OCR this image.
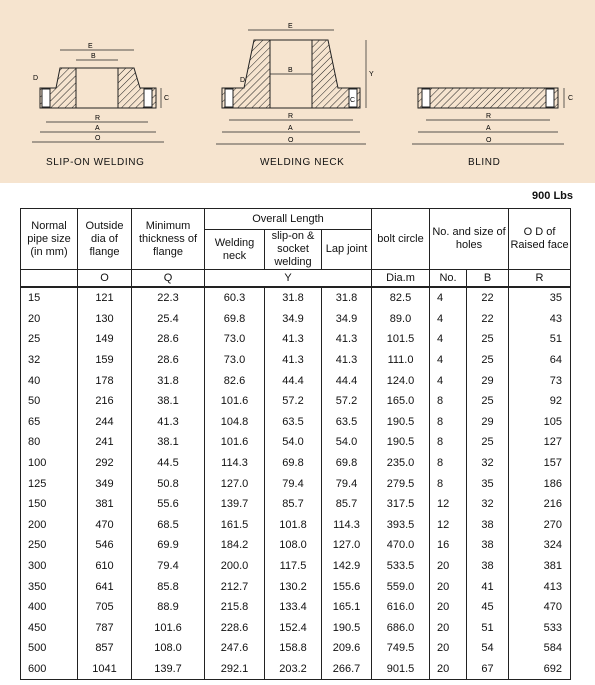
E
B
D
C
R
A
O
SLIP-ON WELDING
E
B
Y
C
D
R
A
O
WELDING NECK
C
R
A
O
BLIND
900 Lbs
Normal pipe size (in mm)	Outside dia of flange	Minimum thickness of flange	Overall Length			bolt circle	No. and size of holes		O D of Raised face
			Welding neck	slip-on & socket welding	Lap joint				
	O	Q	Y			Dia.m	No.	B	R
15	121	22.3	60.3	31.8	31.8	82.5	4	22	35
20	130	25.4	69.8	34.9	34.9	89.0	4	22	43
25	149	28.6	73.0	41.3	41.3	101.5	4	25	51
32	159	28.6	73.0	41.3	41.3	111.0	4	25	64
40	178	31.8	82.6	44.4	44.4	124.0	4	29	73
50	216	38.1	101.6	57.2	57.2	165.0	8	25	92
65	244	41.3	104.8	63.5	63.5	190.5	8	29	105
80	241	38.1	101.6	54.0	54.0	190.5	8	25	127
100	292	44.5	114.3	69.8	69.8	235.0	8	32	157
125	349	50.8	127.0	79.4	79.4	279.5	8	35	186
150	381	55.6	139.7	85.7	85.7	317.5	12	32	216
200	470	68.5	161.5	101.8	114.3	393.5	12	38	270
250	546	69.9	184.2	108.0	127.0	470.0	16	38	324
300	610	79.4	200.0	117.5	142.9	533.5	20	38	381
350	641	85.8	212.7	130.2	155.6	559.0	20	41	413
400	705	88.9	215.8	133.4	165.1	616.0	20	45	470
450	787	101.6	228.6	152.4	190.5	686.0	20	51	533
500	857	108.0	247.6	158.8	209.6	749.5	20	54	584
600	1041	139.7	292.1	203.2	266.7	901.5	20	67	692
